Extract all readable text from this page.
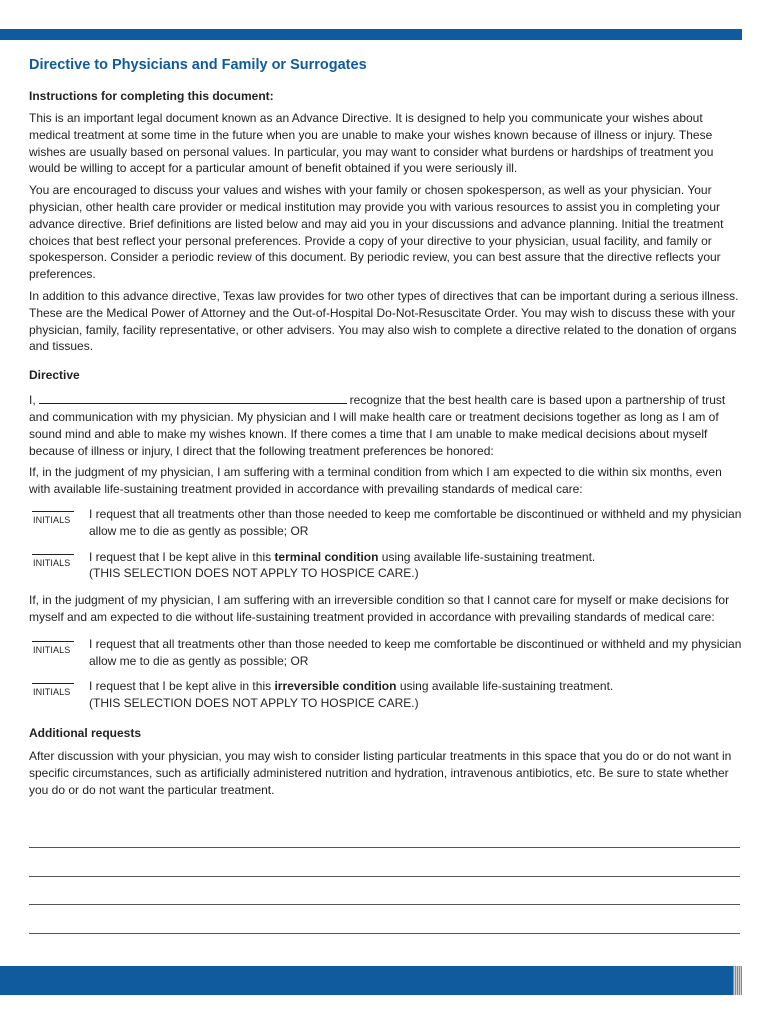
Directive to Physicians and Family or Surrogates
Instructions for completing this document:

This is an important legal document known as an Advance Directive. It is designed to help you communicate your wishes about medical treatment at some time in the future when you are unable to make your wishes known because of illness or injury. These wishes are usually based on personal values. In particular, you may want to consider what burdens or hardships of treatment you would be willing to accept for a particular amount of benefit obtained if you were seriously ill.

You are encouraged to discuss your values and wishes with your family or chosen spokesperson, as well as your physician. Your physician, other health care provider or medical institution may provide you with various resources to assist you in completing your advance directive. Brief definitions are listed below and may aid you in your discussions and advance planning. Initial the treatment choices that best reflect your personal preferences. Provide a copy of your directive to your physician, usual facility, and family or spokesperson. Consider a periodic review of this document. By periodic review, you can best assure that the directive reflects your preferences.

In addition to this advance directive, Texas law provides for two other types of directives that can be important during a serious illness. These are the Medical Power of Attorney and the Out-of-Hospital Do-Not-Resuscitate Order. You may wish to discuss these with your physician, family, facility representative, or other advisers. You may also wish to complete a directive related to the donation of organs and tissues.

Directive

I,	recognize that the best health care is based upon a partnership of trust and communication with my physician. My physician and I will make health care or treatment decisions together as long as I am of sound mind and able to make my wishes known. If there comes a time that I am unable to make medical decisions about myself because of illness or injury, I direct that the following treatment preferences be honored:

If, in the judgment of my physician, I am suffering with a terminal condition from which I am expected to die within six months, even with available life-sustaining treatment provided in accordance with prevailing standards of medical care:

INITIALS	I request that all treatments other than those needed to keep me comfortable be discontinued or withheld and my physician allow me to die as gently as possible; OR
INITIALS	I request that I be kept alive in this terminal condition using available life-sustaining treatment.
(THIS SELECTION DOES NOT APPLY TO HOSPICE CARE.)

If, in the judgment of my physician, I am suffering with an irreversible condition so that I cannot care for myself or make decisions for myself and am expected to die without life-sustaining treatment provided in accordance with prevailing standards of medical care:

INITIALS	I request that all treatments other than those needed to keep me comfortable be discontinued or withheld and my physician allow me to die as gently as possible; OR
INITIALS	I request that I be kept alive in this irreversible condition using available life-sustaining treatment.
(THIS SELECTION DOES NOT APPLY TO HOSPICE CARE.)
Additional requests

After discussion with your physician, you may wish to consider listing particular treatments in this space that you do or do not want in specific circumstances, such as artificially administered nutrition and hydration, intravenous antibiotics, etc. Be sure to state whether you do or do not want the particular treatment.
